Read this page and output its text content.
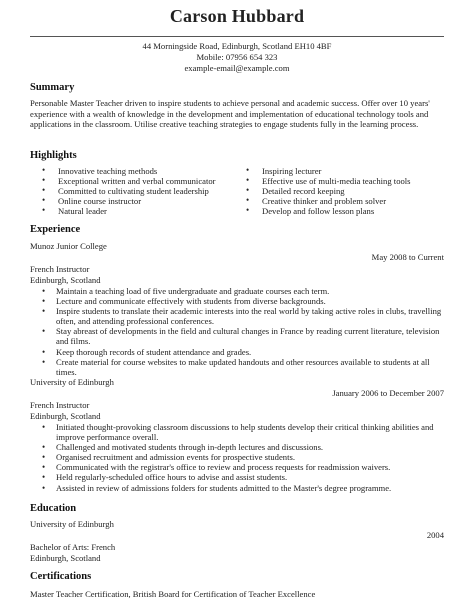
Carson Hubbard
44 Morningside Road, Edinburgh, Scotland EH10 4BF
Mobile: 07956 654 323
example-email@example.com
Summary
Personable Master Teacher driven to inspire students to achieve personal and academic success. Offer over 10 years' experience with a wealth of knowledge in the development and implementation of educational technology tools and applications in the classroom. Utilise creative teaching strategies to engage students fully in the learning process.
Highlights
• Innovative teaching methods
• Exceptional written and verbal communicator
• Committed to cultivating student leadership
• Online course instructor
• Natural leader
• Inspiring lecturer
• Effective use of multi-media teaching tools
• Detailed record keeping
• Creative thinker and problem solver
• Develop and follow lesson plans
Experience
Munoz Junior College
May 2008 to Current
French Instructor
Edinburgh, Scotland
• Maintain a teaching load of five undergraduate and graduate courses each term.
• Lecture and communicate effectively with students from diverse backgrounds.
• Inspire students to translate their academic interests into the real world by taking active roles in clubs, travelling often, and attending professional conferences.
• Stay abreast of developments in the field and cultural changes in France by reading current literature, television and films.
• Keep thorough records of student attendance and grades.
• Create material for course websites to make updated handouts and other resources available to students at all times.
University of Edinburgh
January 2006 to December 2007
French Instructor
Edinburgh, Scotland
• Initiated thought-provoking classroom discussions to help students develop their critical thinking abilities and improve performance overall.
• Challenged and motivated students through in-depth lectures and discussions.
• Organised recruitment and admission events for prospective students.
• Communicated with the registrar's office to review and process requests for readmission waivers.
• Held regularly-scheduled office hours to advise and assist students.
• Assisted in review of admissions folders for students admitted to the Master's degree programme.
Education
University of Edinburgh
2004
Bachelor of Arts: French
Edinburgh, Scotland
Certifications
Master Teacher Certification, British Board for Certification of Teacher Excellence
